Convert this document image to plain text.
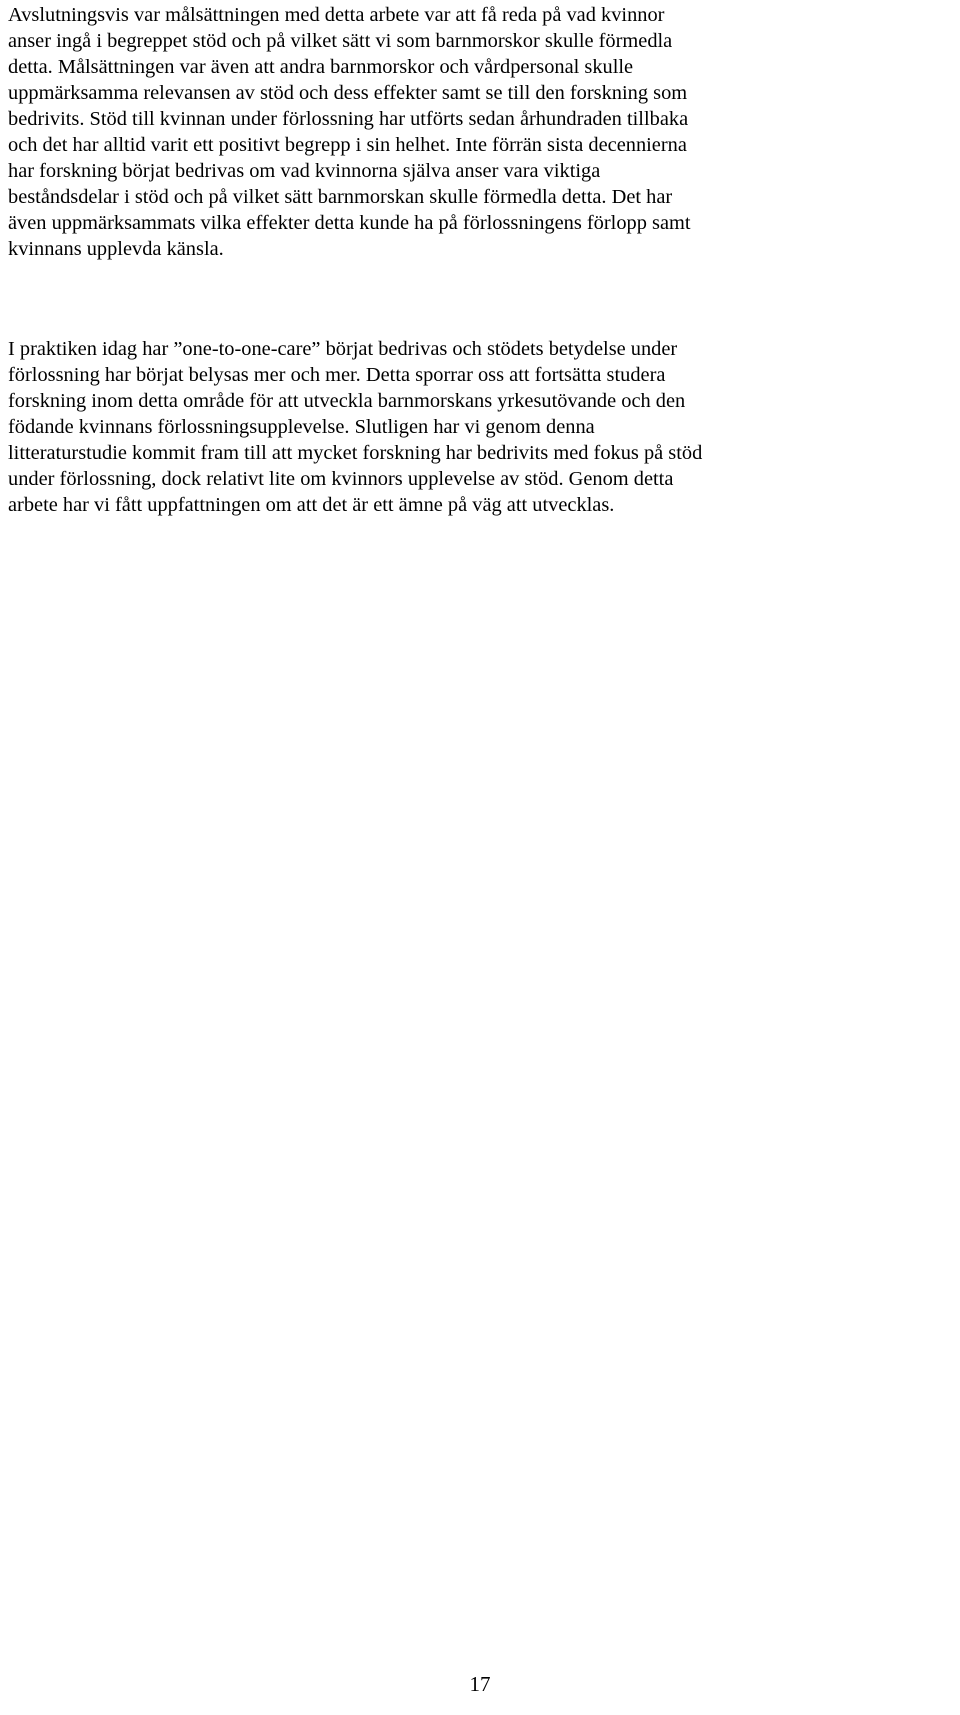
Avslutningsvis var målsättningen med detta arbete var att få reda på vad kvinnor
anser ingå i begreppet stöd och på vilket sätt vi som barnmorskor skulle förmedla
detta. Målsättningen var även att andra barnmorskor och vårdpersonal skulle
uppmärksamma relevansen av stöd och dess effekter samt se till den forskning som
bedrivits. Stöd till kvinnan under förlossning har utförts sedan århundraden tillbaka
och det har alltid varit ett positivt begrepp i sin helhet. Inte förrän sista decennierna
har forskning börjat bedrivas om vad kvinnorna själva anser vara viktiga
beståndsdelar i stöd och på vilket sätt barnmorskan skulle förmedla detta. Det har
även uppmärksammats vilka effekter detta kunde ha på förlossningens förlopp samt
kvinnans upplevda känsla.

I praktiken idag har ”one-to-one-care” börjat bedrivas och stödets betydelse under
förlossning har börjat belysas mer och mer. Detta sporrar oss att fortsätta studera
forskning inom detta område för att utveckla barnmorskans yrkesutövande och den
födande kvinnans förlossningsupplevelse. Slutligen har vi genom denna
litteraturstudie kommit fram till att mycket forskning har bedrivits med fokus på stöd
under förlossning, dock relativt lite om kvinnors upplevelse av stöd. Genom detta
arbete har vi fått uppfattningen om att det är ett ämne på väg att utvecklas.

17
